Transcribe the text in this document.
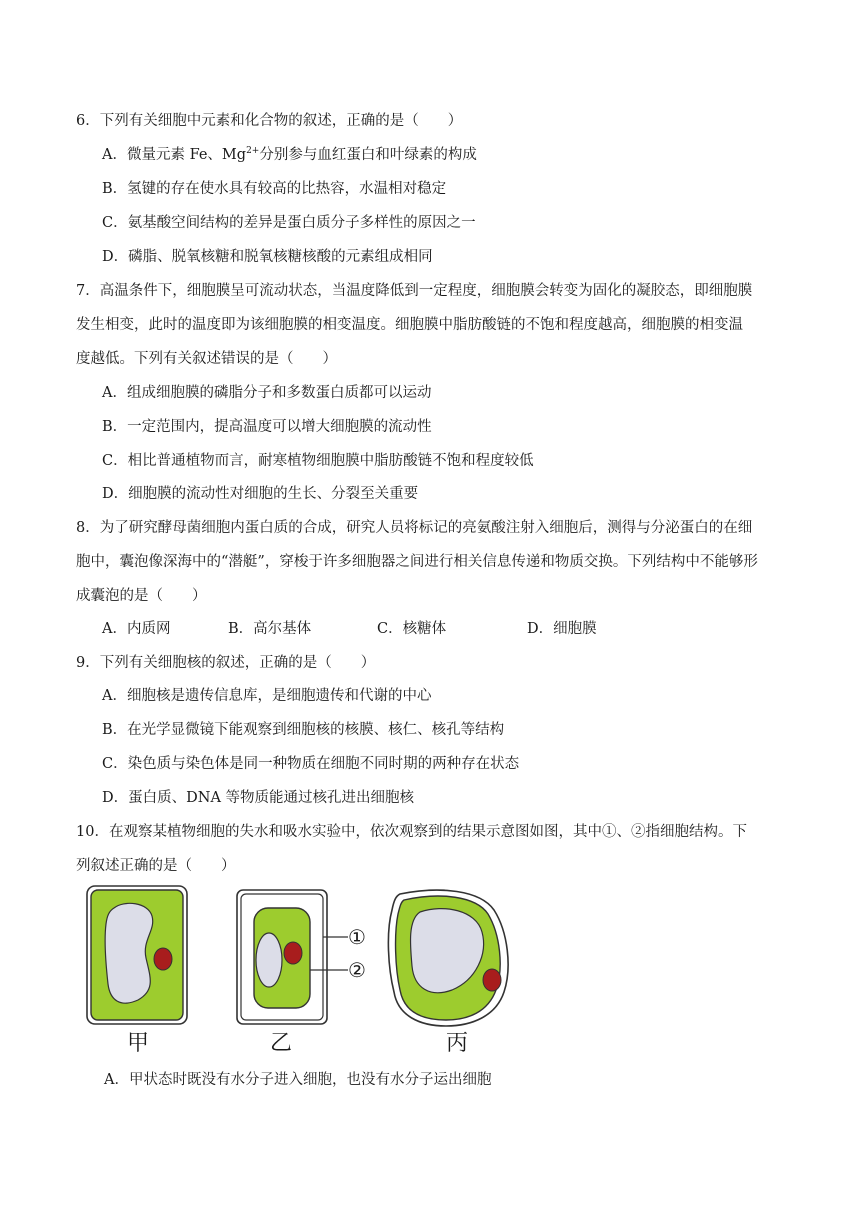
6．下列有关细胞中元素和化合物的叙述，正确的是（　　）
A．微量元素 Fe、$Mg^{2+}$分别参与血红蛋白和叶绿素的构成
B．氢键的存在使水具有较高的比热容，水温相对稳定
C．氨基酸空间结构的差异是蛋白质分子多样性的原因之一
D．磷脂、脱氧核糖和脱氧核糖核酸的元素组成相同
7．高温条件下，细胞膜呈可流动状态，当温度降低到一定程度，细胞膜会转变为固化的凝胶态，即细胞膜
发生相变，此时的温度即为该细胞膜的相变温度。细胞膜中脂肪酸链的不饱和程度越高，细胞膜的相变温
度越低。下列有关叙述错误的是（　　）
A．组成细胞膜的磷脂分子和多数蛋白质都可以运动
B．一定范围内，提高温度可以增大细胞膜的流动性
C．相比普通植物而言，耐寒植物细胞膜中脂肪酸链不饱和程度较低
D．细胞膜的流动性对细胞的生长、分裂至关重要
8．为了研究酵母菌细胞内蛋白质的合成，研究人员将标记的亮氨酸注射入细胞后，测得与分泌蛋白的在细
胞中，囊泡像深海中的“潜艇”，穿梭于许多细胞器之间进行相关信息传递和物质交换。下列结构中不能够形
成囊泡的是（　　）
A．内质网	B．高尔基体	C．核糖体	D．细胞膜
9．下列有关细胞核的叙述，正确的是（　　）
A．细胞核是遗传信息库，是细胞遗传和代谢的中心
B．在光学显微镜下能观察到细胞核的核膜、核仁、核孔等结构
C．染色质与染色体是同一种物质在细胞不同时期的两种存在状态
D．蛋白质、DNA 等物质能通过核孔进出细胞核
10．在观察某植物细胞的失水和吸水实验中，依次观察到的结果示意图如图，其中①、②指细胞结构。下
列叙述正确的是（　　）
①
②
甲	乙	丙
A．甲状态时既没有水分子进入细胞，也没有水分子运出细胞
